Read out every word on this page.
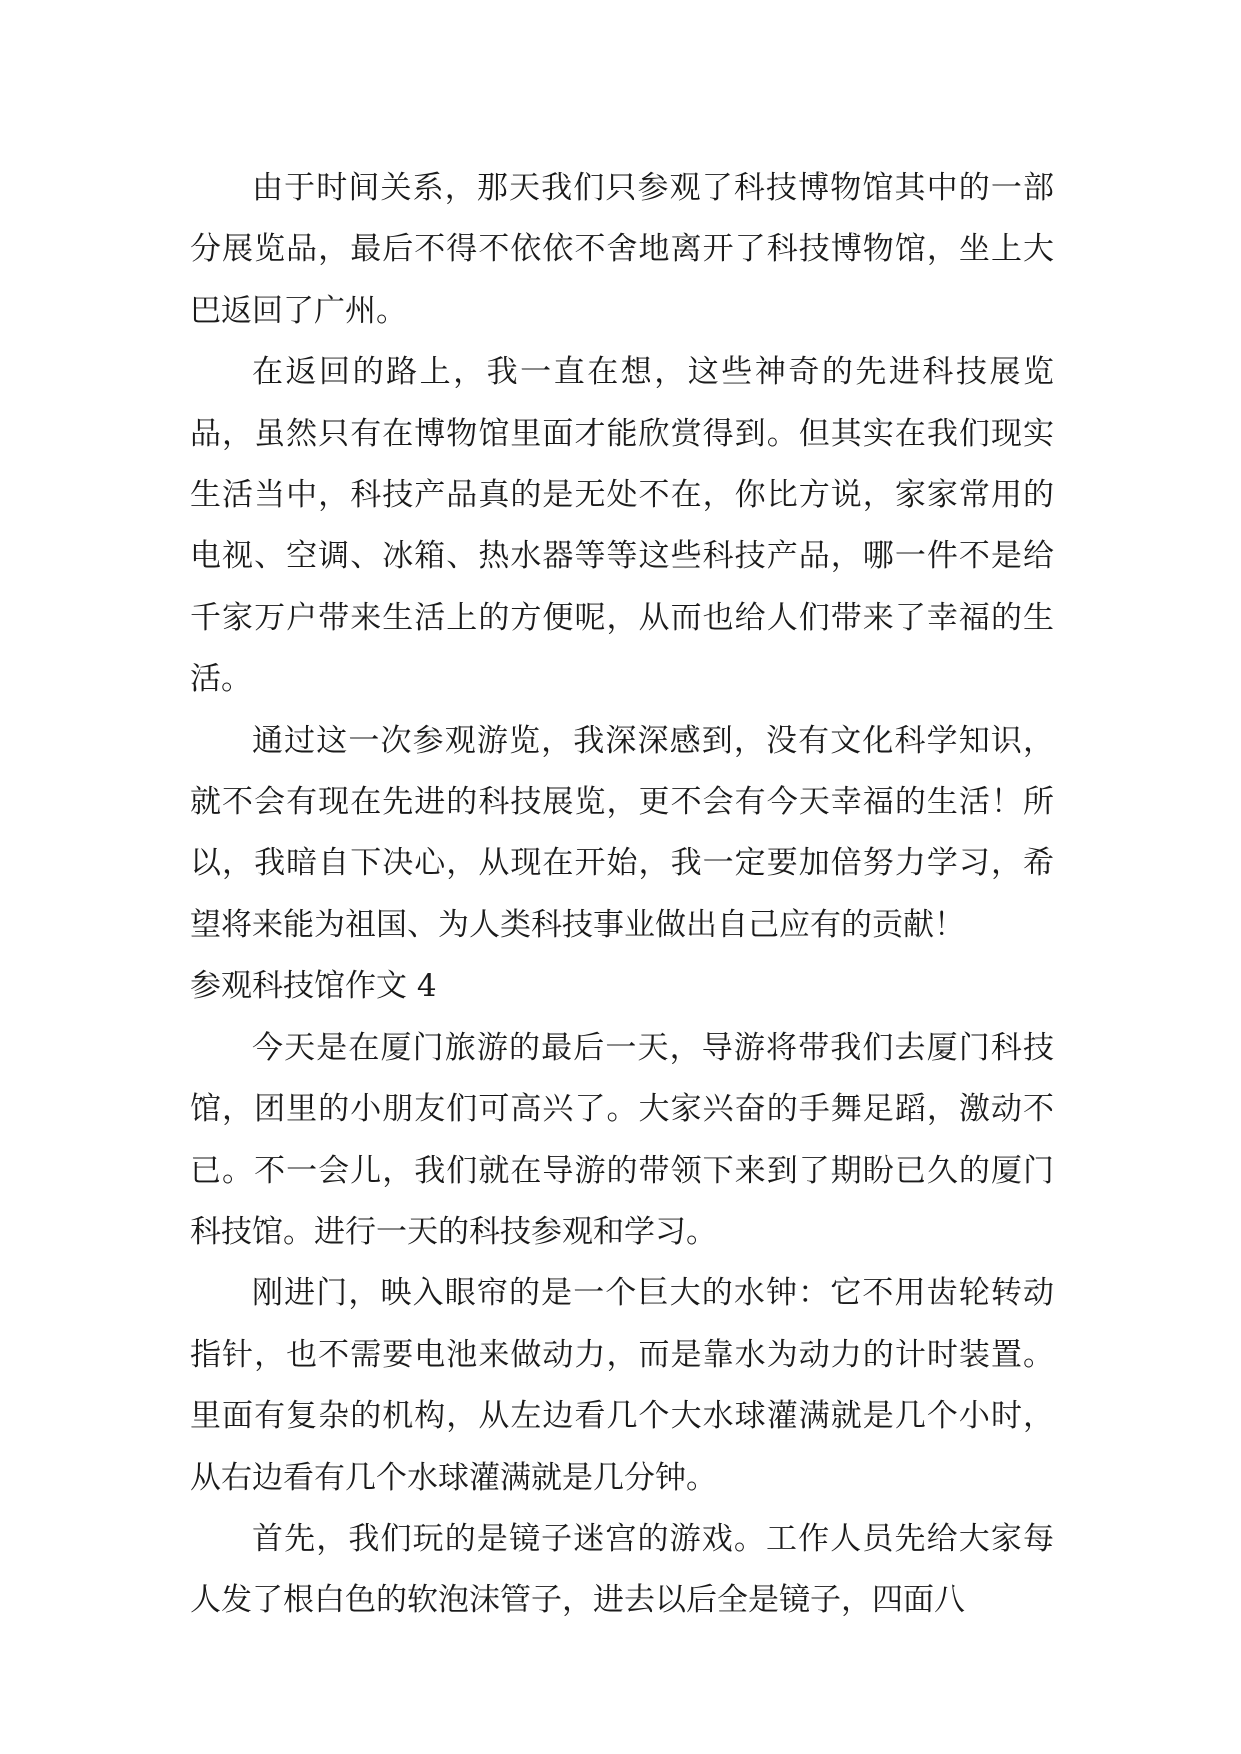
由于时间关系，那天我们只参观了科技博物馆其中的一部分展览品，最后不得不依依不舍地离开了科技博物馆，坐上大巴返回了广州。

在返回的路上，我一直在想，这些神奇的先进科技展览品，虽然只有在博物馆里面才能欣赏得到。但其实在我们现实生活当中，科技产品真的是无处不在，你比方说，家家常用的电视、空调、冰箱、热水器等等这些科技产品，哪一件不是给千家万户带来生活上的方便呢，从而也给人们带来了幸福的生活。

通过这一次参观游览，我深深感到，没有文化科学知识，就不会有现在先进的科技展览，更不会有今天幸福的生活！所以，我暗自下决心，从现在开始，我一定要加倍努力学习，希望将来能为祖国、为人类科技事业做出自己应有的贡献！

参观科技馆作文 4

今天是在厦门旅游的最后一天，导游将带我们去厦门科技馆，团里的小朋友们可高兴了。大家兴奋的手舞足蹈，激动不已。不一会儿，我们就在导游的带领下来到了期盼已久的厦门科技馆。进行一天的科技参观和学习。

刚进门，映入眼帘的是一个巨大的水钟：它不用齿轮转动指针，也不需要电池来做动力，而是靠水为动力的计时装置。里面有复杂的机构，从左边看几个大水球灌满就是几个小时，从右边看有几个水球灌满就是几分钟。

首先，我们玩的是镜子迷宫的游戏。工作人员先给大家每人发了根白色的软泡沫管子，进去以后全是镜子，四面八
